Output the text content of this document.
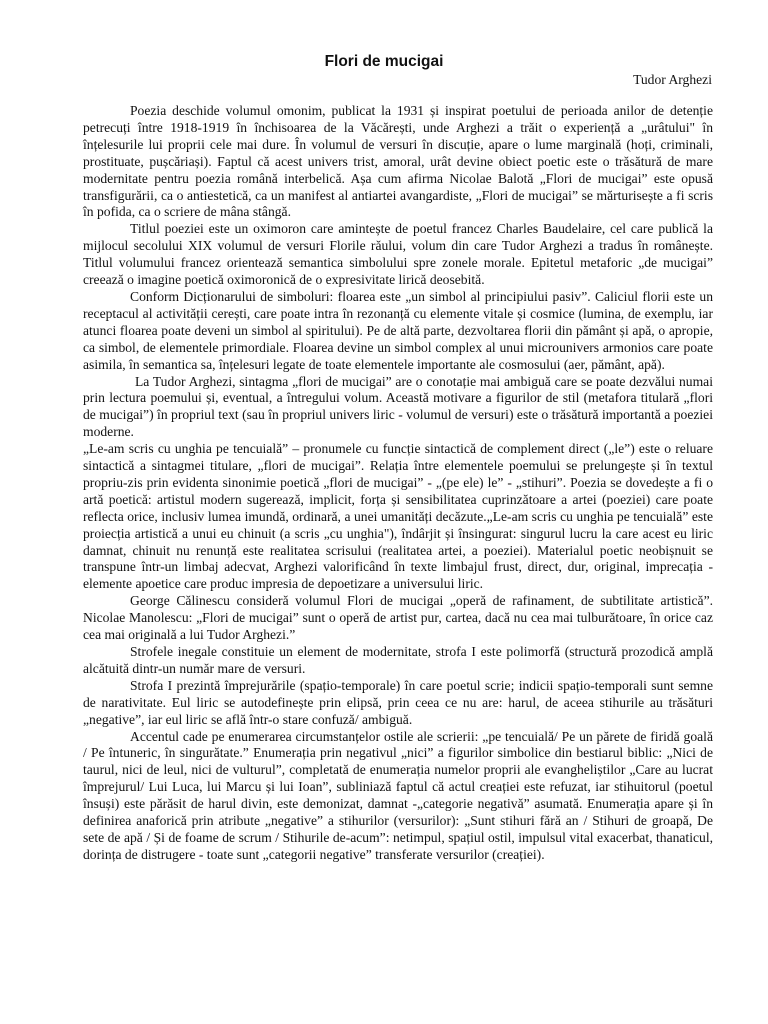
Flori de mucigai
Tudor Arghezi

Poezia deschide volumul omonim, publicat la 1931 și inspirat poetului de perioada anilor de detenție petrecuți între 1918-1919 în închisoarea de la Văcărești, unde Arghezi a trăit o experiență a „urâtului" în înțelesurile lui proprii cele mai dure. În volumul de versuri în discuție, apare o lume marginală (hoți, criminali, prostituate, pușcăriași). Faptul că acest univers trist, amoral, urât devine obiect poetic este o trăsătură de mare modernitate pentru poezia română interbelică. Așa cum afirma Nicolae Balotă „Flori de mucigai” este opusă transfigurării, ca o antiestetică, ca un manifest al antiartei avangardiste, „Flori de mucigai” se mărturisește a fi scris în pofida, ca o scriere de mâna stângă.

Titlul poeziei este un oximoron care amintește de poetul francez Charles Baudelaire, cel care publică la mijlocul secolului XIX volumul de versuri Florile răului, volum din care Tudor Arghezi a tradus în românește. Titlul volumului francez orientează semantica simbolului spre zonele morale. Epitetul metaforic „de mucigai” creează o imagine poetică oximoronică de o expresivitate lirică deosebită.

Conform Dicționarului de simboluri: floarea este „un simbol al principiului pasiv”. Caliciul florii este un receptacul al activității cerești, care poate intra în rezonanță cu elemente vitale și cosmice (lumina, de exemplu, iar atunci floarea poate deveni un simbol al spiritului). Pe de altă parte, dezvoltarea florii din pământ și apă, o apropie, ca simbol, de elementele primordiale. Floarea devine un simbol complex al unui microunivers armonios care poate asimila, în semantica sa, înțelesuri legate de toate elementele importante ale cosmosului (aer, pământ, apă).

La Tudor Arghezi, sintagma „flori de mucigai” are o conotație mai ambiguă care se poate dezvălui numai prin lectura poemului și, eventual, a întregului volum. Această motivare a figurilor de stil (metafora titulară „flori de mucigai”) în propriul text (sau în propriul univers liric - volumul de versuri) este o trăsătură importantă a poeziei moderne.

„Le-am scris cu unghia pe tencuială” – pronumele cu funcție sintactică de complement direct („le”) este o reluare sintactică a sintagmei titulare, „flori de mucigai”. Relația între elementele poemului se prelungește și în textul propriu-zis prin evidenta sinonimie poetică „flori de mucigai” - „(pe ele) le” - „stihuri”. Poezia se dovedește a fi o artă poetică: artistul modern sugerează, implicit, forța și sensibilitatea cuprinzătoare a artei (poeziei) care poate reflecta orice, inclusiv lumea imundă, ordinară, a unei umanități decăzute.„Le-am scris cu unghia pe tencuială” este proiecția artistică a unui eu chinuit (a scris „cu unghia"), îndârjit și însingurat: singurul lucru la care acest eu liric damnat, chinuit nu renunță este realitatea scrisului (realitatea artei, a poeziei). Materialul poetic neobișnuit se transpune într-un limbaj adecvat, Arghezi valorificând în texte limbajul frust, direct, dur, original, imprecația - elemente apoetice care produc impresia de depoetizare a universului liric.

George Călinescu consideră volumul Flori de mucigai „operă de rafinament, de subtilitate artistică”. Nicolae Manolescu: „Flori de mucigai” sunt o operă de artist pur, cartea, dacă nu cea mai tulburătoare, în orice caz cea mai originală a lui Tudor Arghezi.”

Strofele inegale constituie un element de modernitate, strofa I este polimorfă (structură prozodică amplă alcătuită dintr-un număr mare de versuri.

Strofa I prezintă împrejurările (spațio-temporale) în care poetul scrie; indicii spațio-temporali sunt semne de narativitate. Eul liric se autodefinește prin elipsă, prin ceea ce nu are: harul, de aceea stihurile au trăsături „negative”, iar eul liric se află într-o stare confuză/ ambiguă.

Accentul cade pe enumerarea circumstanțelor ostile ale scrierii: „pe tencuială/ Pe un părete de firidă goală / Pe întuneric, în singurătate.” Enumerația prin negativul „nici” a figurilor simbolice din bestiarul biblic: „Nici de taurul, nici de leul, nici de vulturul”, completată de enumerația numelor proprii ale evangheliștilor „Care au lucrat împrejurul/ Lui Luca, lui Marcu și lui Ioan”, subliniază faptul că actul creației este refuzat, iar stihuitorul (poetul însuși) este părăsit de harul divin, este demonizat, damnat -„categorie negativă” asumată. Enumerația apare și în definirea anaforică prin atribute „negative” a stihurilor (versurilor): „Sunt stihuri fără an / Stihuri de groapă, De sete de apă / Și de foame de scrum / Stihurile de-acum”: netimpul, spațiul ostil, impulsul vital exacerbat, thanaticul, dorința de distrugere - toate sunt „categorii negative” transferate versurilor (creației).
